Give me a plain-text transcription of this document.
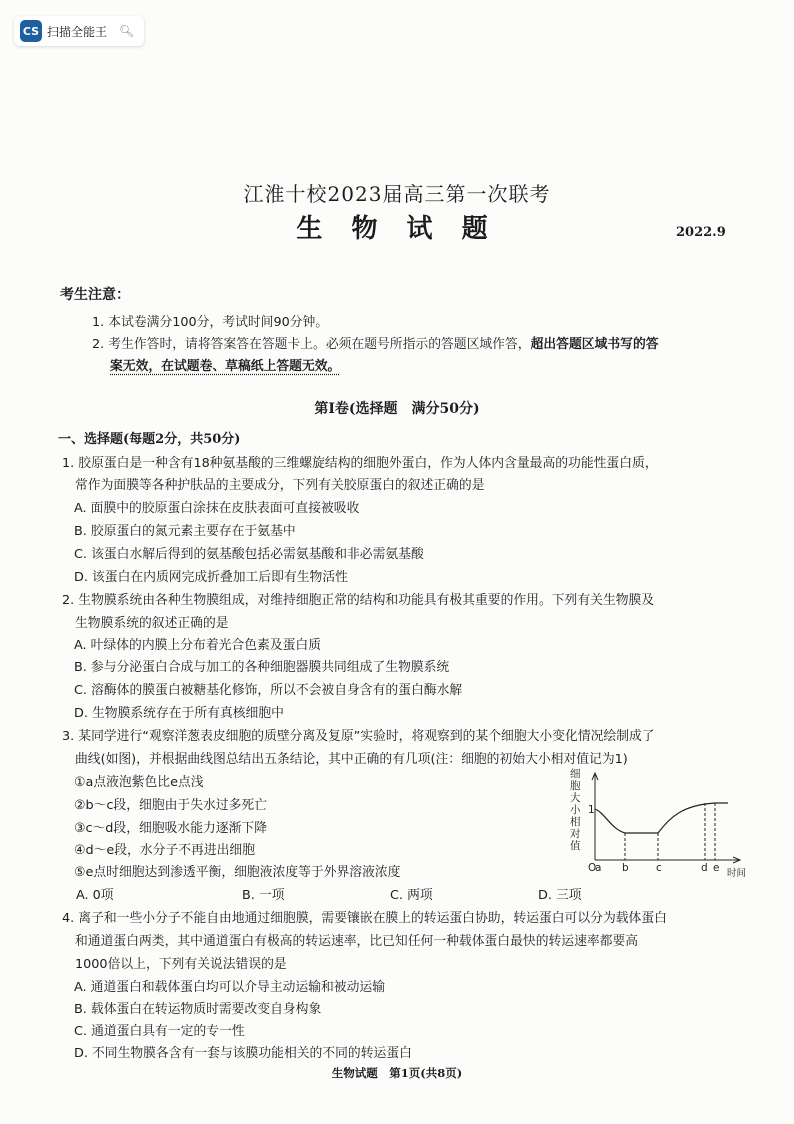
CS 扫描全能王 🔍︎
江淮十校2023届高三第一次联考
生 物 试 题	2022.9
考生注意：
1. 本试卷满分100分，考试时间90分钟。
2. 考生作答时，请将答案答在答题卡上。必须在题号所指示的答题区域作答，超出答题区域书写的答
案无效，在试题卷、草稿纸上答题无效。
第Ⅰ卷(选择题　满分50分)
一、选择题(每题2分，共50分)
1. 胶原蛋白是一种含有18种氨基酸的三维螺旋结构的细胞外蛋白，作为人体内含量最高的功能性蛋白质，
常作为面膜等各种护肤品的主要成分，下列有关胶原蛋白的叙述正确的是
A. 面膜中的胶原蛋白涂抹在皮肤表面可直接被吸收
B. 胶原蛋白的氮元素主要存在于氨基中
C. 该蛋白水解后得到的氨基酸包括必需氨基酸和非必需氨基酸
D. 该蛋白在内质网完成折叠加工后即有生物活性
2. 生物膜系统由各种生物膜组成，对维持细胞正常的结构和功能具有极其重要的作用。下列有关生物膜及
生物膜系统的叙述正确的是
A. 叶绿体的内膜上分布着光合色素及蛋白质
B. 参与分泌蛋白合成与加工的各种细胞器膜共同组成了生物膜系统
C. 溶酶体的膜蛋白被糖基化修饰，所以不会被自身含有的蛋白酶水解
D. 生物膜系统存在于所有真核细胞中
3. 某同学进行“观察洋葱表皮细胞的质壁分离及复原”实验时，将观察到的某个细胞大小变化情况绘制成了
曲线(如图)，并根据曲线图总结出五条结论，其中正确的有几项(注：细胞的初始大小相对值记为1)
①a点液泡紫色比e点浅
②b～c段，细胞由于失水过多死亡
③c～d段，细胞吸水能力逐渐下降
④d～e段，水分子不再进出细胞
⑤e点时细胞达到渗透平衡，细胞液浓度等于外界溶液浓度
A. 0项	B. 一项	C. 两项	D. 三项
细
胞
大
小
相
对
值
1
O
a b	c	d e 时间
4. 离子和一些小分子不能自由地通过细胞膜，需要镶嵌在膜上的转运蛋白协助，转运蛋白可以分为载体蛋白
和通道蛋白两类，其中通道蛋白有极高的转运速率，比已知任何一种载体蛋白最快的转运速率都要高
1000倍以上，下列有关说法错误的是
A. 通道蛋白和载体蛋白均可以介导主动运输和被动运输
B. 载体蛋白在转运物质时需要改变自身构象
C. 通道蛋白具有一定的专一性
D. 不同生物膜各含有一套与该膜功能相关的不同的转运蛋白
生物试题　第1页(共8页)
